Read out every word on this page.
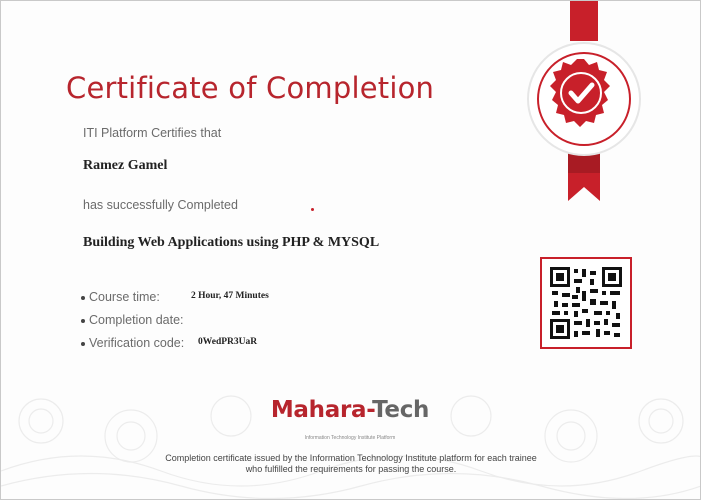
Certificate of Completion
ITI Platform Certifies that
Ramez Gamel
has successfully Completed
Building Web Applications using PHP & MYSQL
Course time:	2 Hour, 47 Minutes
Completion date:
Verification code: 0WedPR3UaR
Mahara-Tech
Information Technology Institute Platform
Completion certificate issued by the Information Technology Institute platform for each trainee
who fulfilled the requirements for passing the course.
